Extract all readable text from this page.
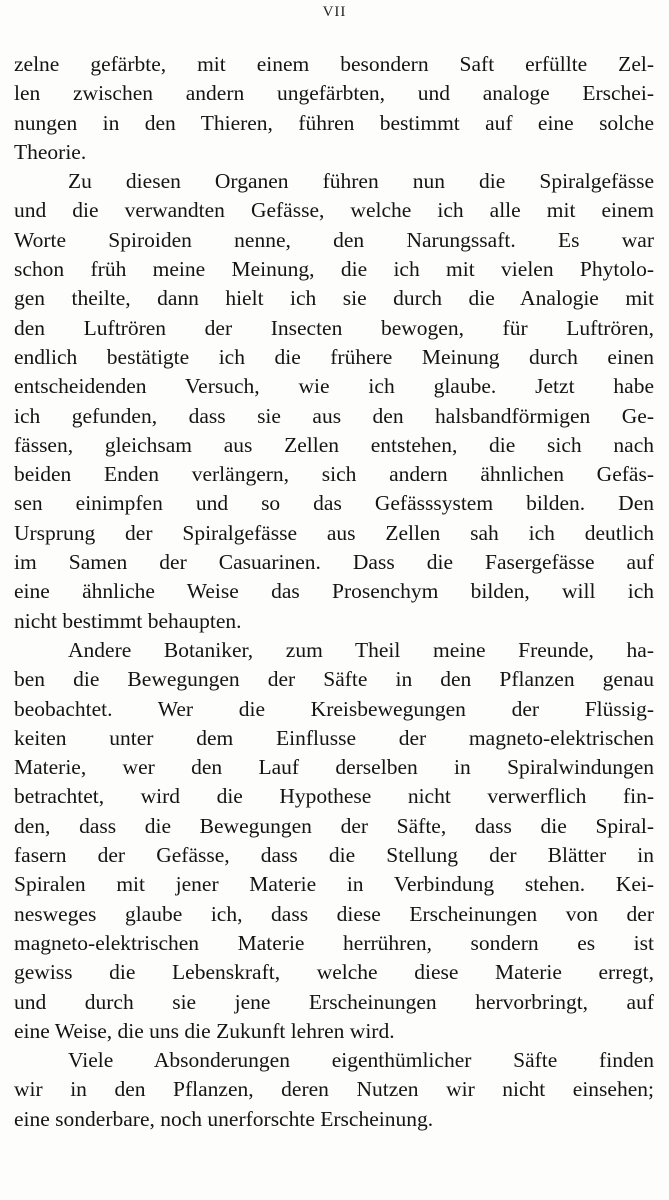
VII
zelne gefärbte, mit einem besondern Saft erfüllte Zel-
len zwischen andern ungefärbten, und analoge Erschei-
nungen in den Thieren, führen bestimmt auf eine solche
Theorie.
Zu diesen Organen führen nun die Spiralgefässe
und die verwandten Gefässe, welche ich alle mit einem
Worte Spiroiden nenne, den Narungssaft. Es war
schon früh meine Meinung, die ich mit vielen Phytolo-
gen theilte, dann hielt ich sie durch die Analogie mit
den Luftrören der Insecten bewogen, für Luftrören,
endlich bestätigte ich die frühere Meinung durch einen
entscheidenden Versuch, wie ich glaube. Jetzt habe
ich gefunden, dass sie aus den halsbandförmigen Ge-
fässen, gleichsam aus Zellen entstehen, die sich nach
beiden Enden verlängern, sich andern ähnlichen Gefäs-
sen einimpfen und so das Gefässsystem bilden. Den
Ursprung der Spiralgefässe aus Zellen sah ich deutlich
im Samen der Casuarinen. Dass die Fasergefässe auf
eine ähnliche Weise das Prosenchym bilden, will ich
nicht bestimmt behaupten.
Andere Botaniker, zum Theil meine Freunde, ha-
ben die Bewegungen der Säfte in den Pflanzen genau
beobachtet. Wer die Kreisbewegungen der Flüssig-
keiten unter dem Einflusse der magneto-elektrischen
Materie, wer den Lauf derselben in Spiralwindungen
betrachtet, wird die Hypothese nicht verwerflich fin-
den, dass die Bewegungen der Säfte, dass die Spiral-
fasern der Gefässe, dass die Stellung der Blätter in
Spiralen mit jener Materie in Verbindung stehen. Kei-
nesweges glaube ich, dass diese Erscheinungen von der
magneto-elektrischen Materie herrühren, sondern es ist
gewiss die Lebenskraft, welche diese Materie erregt,
und durch sie jene Erscheinungen hervorbringt, auf
eine Weise, die uns die Zukunft lehren wird.
Viele Absonderungen eigenthümlicher Säfte finden
wir in den Pflanzen, deren Nutzen wir nicht einsehen;
eine sonderbare, noch unerforschte Erscheinung.
